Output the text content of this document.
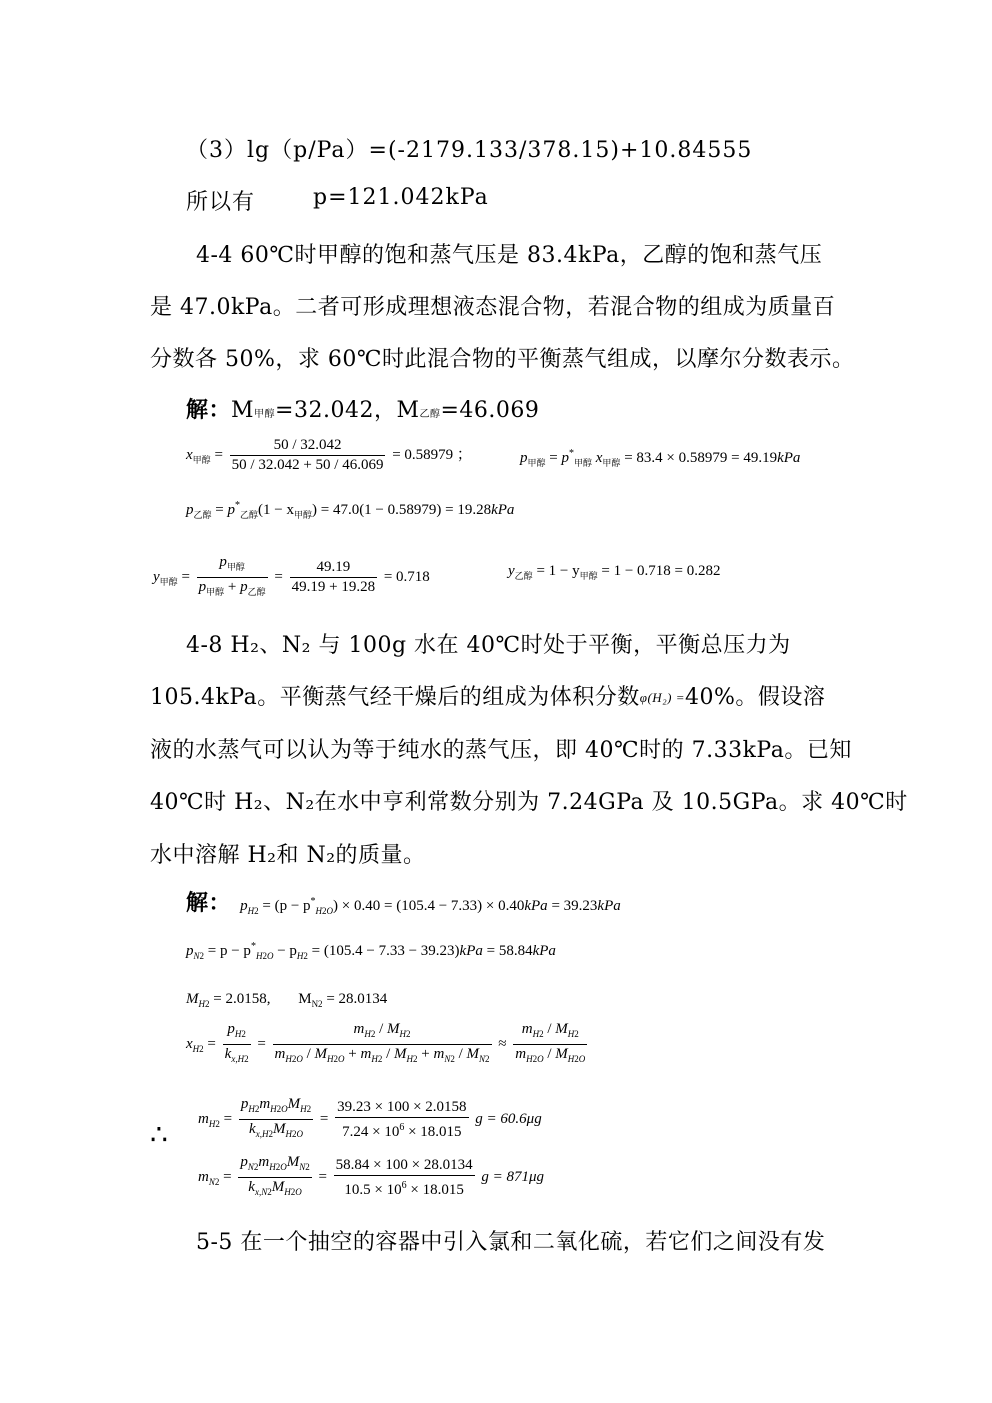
（3）lg（p/Pa）=(-2179.133/378.15)+10.84555
所以有	p=121.042kPa
4-4 60℃时甲醇的饱和蒸气压是 83.4kPa，乙醇的饱和蒸气压
是 47.0kPa。二者可形成理想液态混合物，若混合物的组成为质量百
分数各 50%，求 60℃时此混合物的平衡蒸气组成，以摩尔分数表示。
解：M甲醇=32.042，M乙醇=46.069
$x_{甲醇} = \frac{50 / 32.042}{50 / 32.042 + 50 / 46.069} = 0.58979$ ；	$p_{甲醇} = p^*_{甲醇}$ $x_{甲醇} = 83.4 \times 0.58979 = 49.19kPa$
$p_{乙醇} = p^*_{乙醇}(1 - x_{甲醇}) = 47.0(1 - 0.58979) = 19.28kPa$
$y_{甲醇} = \frac{p_{甲醇}}{p_{甲醇} + p_{乙醇}} = \frac{49.19}{49.19 + 19.28} = 0.718$	$y_{乙醇} = 1 - y_{甲醇} = 1 - 0.718 = 0.282$
4-8 H₂、N₂ 与 100g 水在 40℃时处于平衡，平衡总压力为
105.4kPa。平衡蒸气经干燥后的组成为体积分数φ(H₂) =40%。假设溶
液的水蒸气可以认为等于纯水的蒸气压，即 40℃时的 7.33kPa。已知
40℃时 H₂、N₂在水中亨利常数分别为 7.24GPa 及 10.5GPa。求 40℃时
水中溶解 H₂和 N₂的质量。
解： $p_{H2} = (p - p^*_{H2O}) \times 0.40 = (105.4 - 7.33) \times 0.40kPa = 39.23kPa$
$p_{N2} = p - p^*_{H2O} - p_{H2} = (105.4 - 7.33 - 39.23)kPa = 58.84kPa$
$M_{H2} = 2.0158$, $M_{N2} = 28.0134$
$x_{H2} = \frac{p_{H2}}{k_{x,H2}} = \frac{m_{H2} / M_{H2}}{m_{H2O} / M_{H2O} + m_{H2} / M_{H2} + m_{N2} / M_{N2}} \approx \frac{m_{H2} / M_{H2}}{m_{H2O} / M_{H2O}}$
∴ $m_{H2} = \frac{p_{H2}m_{H2O}M_{H2}}{k_{x,H2}M_{H2O}} = \frac{39.23 \times 100 \times 2.0158}{7.24 \times 10^6 \times 18.015}$ g = 60.6μg
$m_{N2} = \frac{p_{N2}m_{H2O}M_{N2}}{k_{x,N2}M_{H2O}} = \frac{58.84 \times 100 \times 28.0134}{10.5 \times 10^6 \times 18.015}$ g = 871μg
5-5 在一个抽空的容器中引入氯和二氧化硫，若它们之间没有发
